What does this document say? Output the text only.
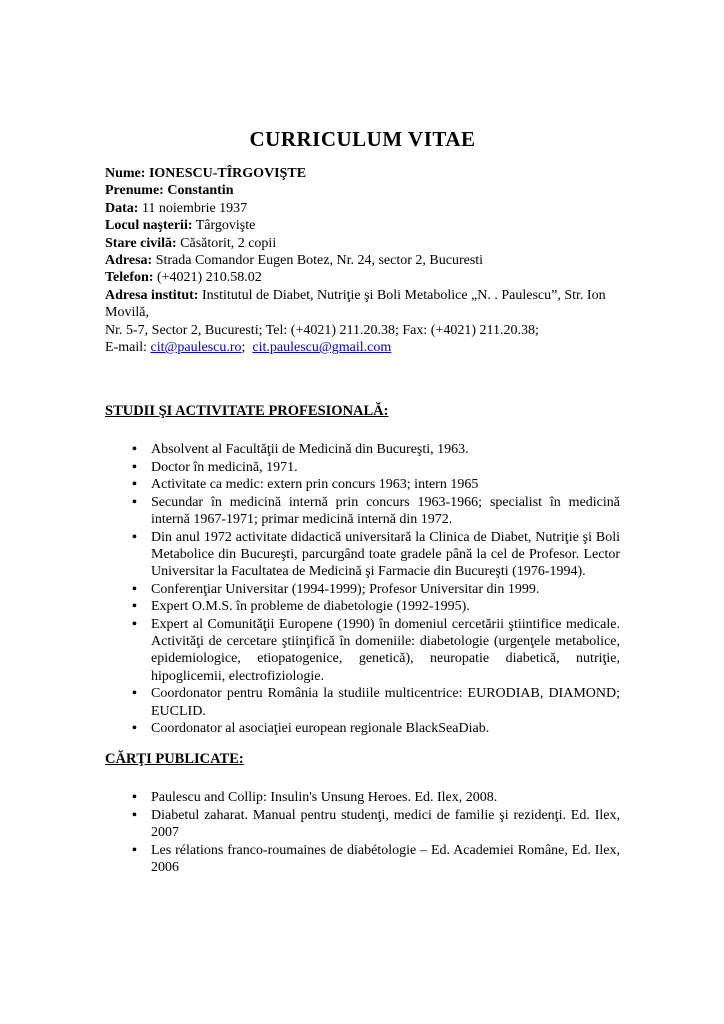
CURRICULUM VITAE
Nume: IONESCU-TÎRGOVIŞTE
Prenume: Constantin
Data: 11 noiembrie 1937
Locul naşterii: Târgovişte
Stare civilă: Căsătorit, 2 copii
Adresa: Strada Comandor Eugen Botez, Nr. 24, sector 2, Bucuresti
Telefon: (+4021) 210.58.02
Adresa institut: Institutul de Diabet, Nutriţie şi Boli Metabolice „N. . Paulescu”, Str. Ion Movilă,
Nr. 5-7, Sector 2, Bucuresti; Tel: (+4021) 211.20.38; Fax: (+4021) 211.20.38;
E-mail: cit@paulescu.ro;  cit.paulescu@gmail.com
STUDII ŞI ACTIVITATE PROFESIONALĂ:
• Absolvent al Facultăţii de Medicină din Bucureşti, 1963.
• Doctor în medicină, 1971.
• Activitate ca medic: extern prin concurs 1963; intern 1965
• Secundar în medicină internă prin concurs 1963-1966; specialist în medicină internă 1967-1971; primar medicină internă din 1972.
• Din anul 1972 activitate didactică universitară la Clinica de Diabet, Nutriţie şi Boli Metabolice din Bucureşti, parcurgând toate gradele până la cel de Profesor. Lector Universitar la Facultatea de Medicină şi Farmacie din Bucureşti (1976-1994).
• Conferenţiar Universitar (1994-1999); Profesor Universitar din 1999.
• Expert O.M.S. în probleme de diabetologie (1992-1995).
• Expert al Comunităţii Europene (1990) în domeniul cercetării ştiintifice medicale. Activităţi de cercetare ştiinţifică în domeniile: diabetologie (urgenţele metabolice, epidemiologice, etiopatogenice, genetică), neuropatie diabetică, nutriţie, hipoglicemii, electrofiziologie.
• Coordonator pentru România la studiile multicentrice: EURODIAB, DIAMOND; EUCLID.
• Coordonator al asociaţiei european regionale BlackSeaDiab.
CĂRŢI PUBLICATE:
• Paulescu and Collip: Insulin's Unsung Heroes. Ed. Ilex, 2008.
• Diabetul zaharat. Manual pentru studenţi, medici de familie şi rezidenţi. Ed. Ilex, 2007
• Les rélations franco-roumaines de diabétologie – Ed. Academiei Române, Ed. Ilex, 2006
